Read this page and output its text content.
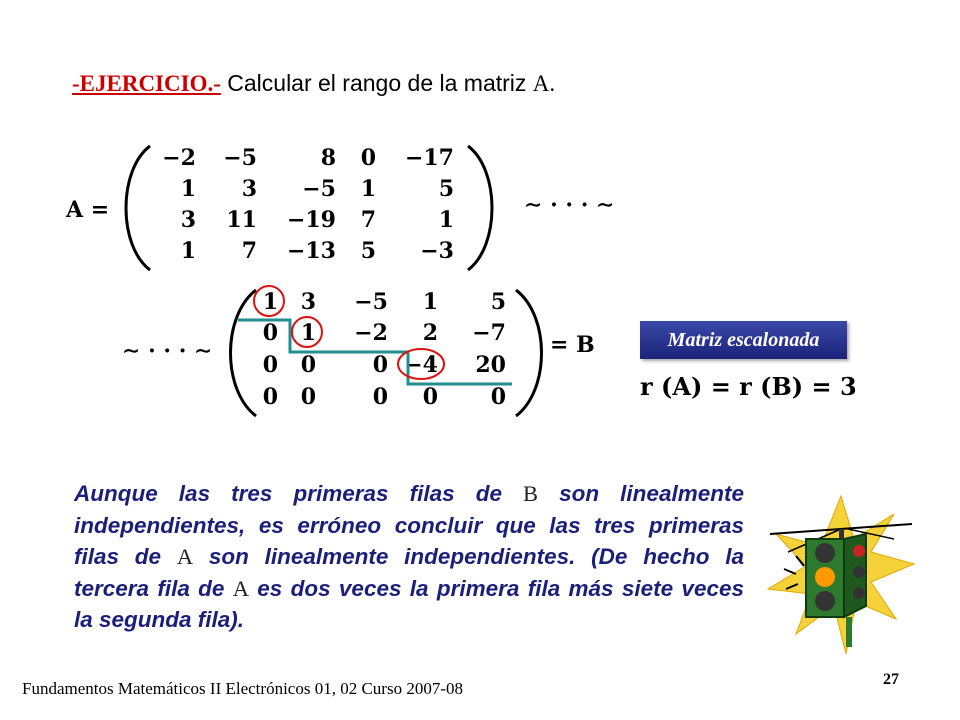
-EJERCICIO.- Calcular el rango de la matriz A.
A =
−2 −5	8 0 −17
1 3 −5 1	5
3 11 −19 7	1
1 7 −13 5 −3
∼ · · · ∼
∼ · · · ∼
1 3 −5 1 5
0 1 −2 2 −7
0 0	0 −4 20
0 0	0 0 0
= B	Matriz escalonada
r (A) = r (B) = 3
Aunque las tres primeras filas de B son linealmente independientes, es erróneo concluir que las tres primeras filas de A son linealmente independientes. (De hecho la tercera fila de A es dos veces la primera fila más siete veces la segunda fila).
Fundamentos Matemáticos II Electrónicos 01, 02 Curso 2007-08	27
